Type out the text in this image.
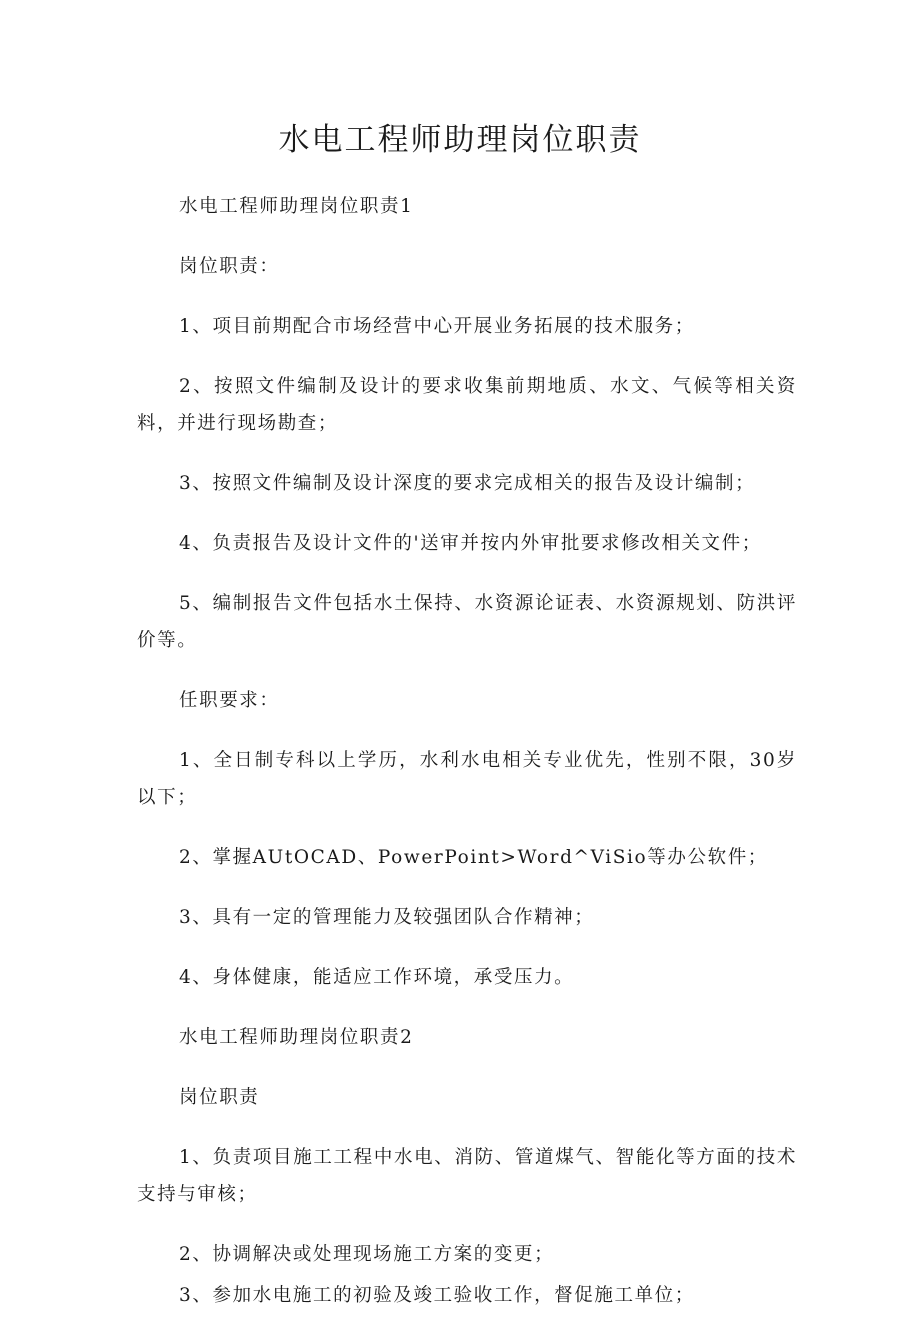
水电工程师助理岗位职责

水电工程师助理岗位职责1

岗位职责：

1、项目前期配合市场经营中心开展业务拓展的技术服务；

2、按照文件编制及设计的要求收集前期地质、水文、气候等相关资料，并进行现场勘查；

3、按照文件编制及设计深度的要求完成相关的报告及设计编制；

4、负责报告及设计文件的'送审并按内外审批要求修改相关文件；

5、编制报告文件包括水土保持、水资源论证表、水资源规划、防洪评价等。

任职要求：

1、全日制专科以上学历，水利水电相关专业优先，性别不限，30岁以下；

2、掌握AUtOCAD、PowerPoint>Word^ViSio等办公软件；

3、具有一定的管理能力及较强团队合作精神；

4、身体健康，能适应工作环境，承受压力。

水电工程师助理岗位职责2

岗位职责

1、负责项目施工工程中水电、消防、管道煤气、智能化等方面的技术支持与审核；

2、协调解决或处理现场施工方案的变更；

3、参加水电施工的初验及竣工验收工作，督促施工单位；
